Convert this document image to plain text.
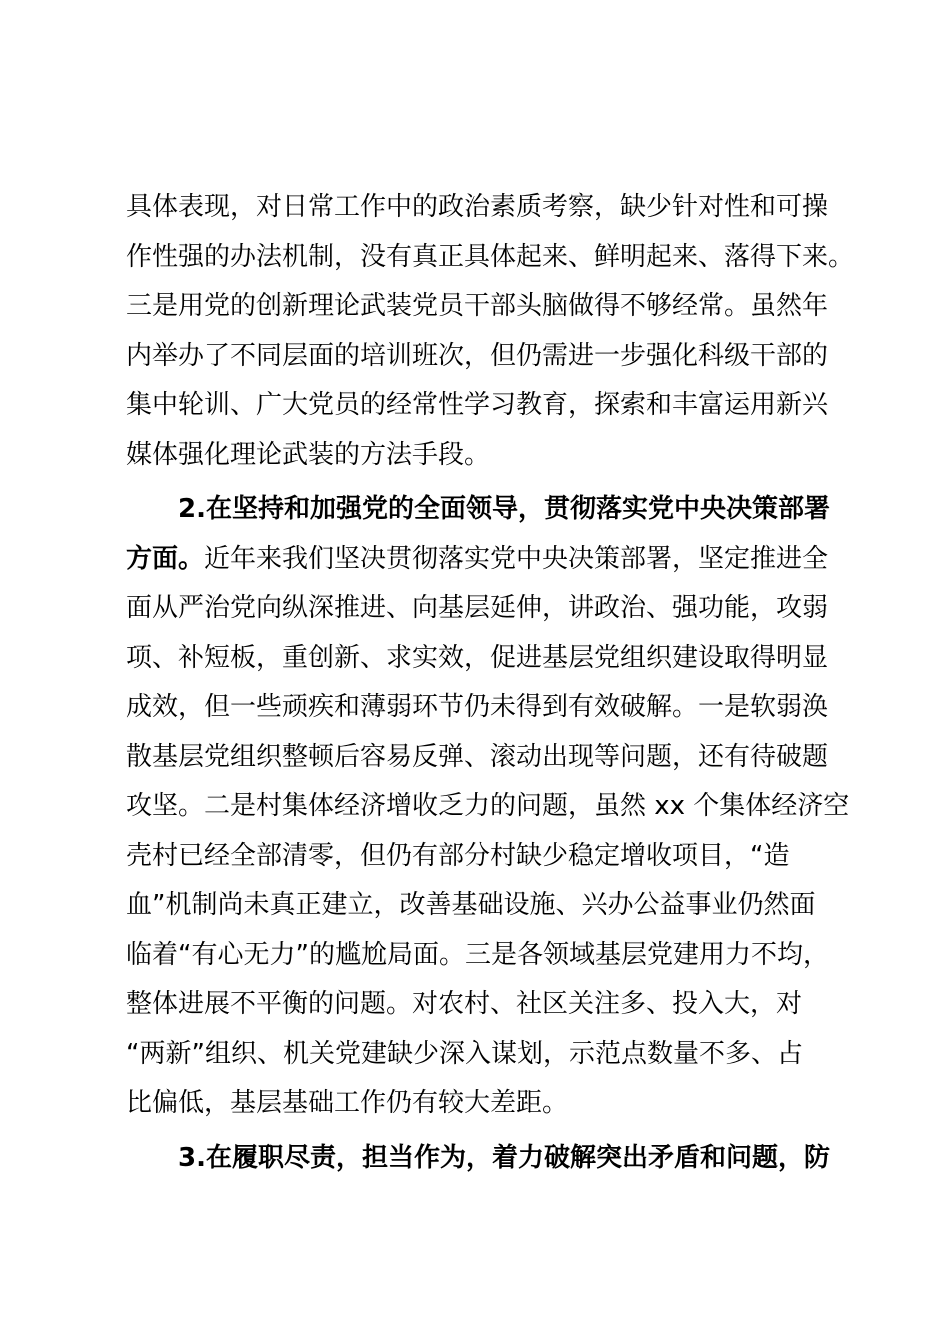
具体表现，对日常工作中的政治素质考察，缺少针对性和可操
作性强的办法机制，没有真正具体起来、鲜明起来、落得下来。
三是用党的创新理论武装党员干部头脑做得不够经常。虽然年
内举办了不同层面的培训班次，但仍需进一步强化科级干部的
集中轮训、广大党员的经常性学习教育，探索和丰富运用新兴
媒体强化理论武装的方法手段。
2.在坚持和加强党的全面领导，贯彻落实党中央决策部署
方面。近年来我们坚决贯彻落实党中央决策部署，坚定推进全
面从严治党向纵深推进、向基层延伸，讲政治、强功能，攻弱
项、补短板，重创新、求实效，促进基层党组织建设取得明显
成效，但一些顽疾和薄弱环节仍未得到有效破解。一是软弱涣
散基层党组织整顿后容易反弹、滚动出现等问题，还有待破题
攻坚。二是村集体经济增收乏力的问题，虽然 xx 个集体经济空
壳村已经全部清零，但仍有部分村缺少稳定增收项目，“造
血”机制尚未真正建立，改善基础设施、兴办公益事业仍然面
临着“有心无力”的尴尬局面。三是各领域基层党建用力不均，
整体进展不平衡的问题。对农村、社区关注多、投入大，对
“两新”组织、机关党建缺少深入谋划，示范点数量不多、占
比偏低，基层基础工作仍有较大差距。
3.在履职尽责，担当作为，着力破解突出矛盾和问题，防
